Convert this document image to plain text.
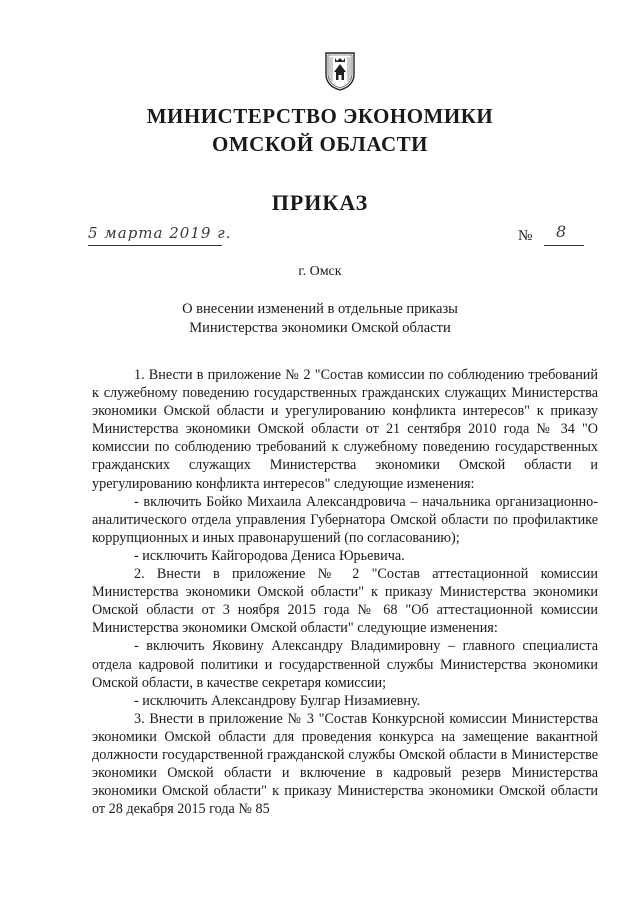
МИНИСТЕРСТВО ЭКОНОМИКИ
ОМСКОЙ ОБЛАСТИ
ПРИКАЗ
5 марта 2019 г.	№ 8
г. Омск
О внесении изменений в отдельные приказы Министерства экономики Омской области

1. Внести в приложение № 2 "Состав комиссии по соблюдению требований к служебному поведению государственных гражданских служащих Министерства экономики Омской области и урегулированию конфликта интересов" к приказу Министерства экономики Омской области от 21 сентября 2010 года № 34 "О комиссии по соблюдению требований к служебному поведению государственных гражданских служащих Министерства экономики Омской области и урегулированию конфликта интересов" следующие изменения:

- включить Бойко Михаила Александровича – начальника организационно-аналитического отдела управления Губернатора Омской области по профилактике коррупционных и иных правонарушений (по согласованию);

- исключить Кайгородова Дениса Юрьевича.

2. Внести в приложение № 2 "Состав аттестационной комиссии Министерства экономики Омской области" к приказу Министерства экономики Омской области от 3 ноября 2015 года № 68 "Об аттестационной комиссии Министерства экономики Омской области" следующие изменения:

- включить Яковину Александру Владимировну – главного специалиста отдела кадровой политики и государственной службы Министерства экономики Омской области, в качестве секретаря комиссии;

- исключить Александрову Булгар Низамиевну.

3. Внести в приложение № 3 "Состав Конкурсной комиссии Министерства экономики Омской области для проведения конкурса на замещение вакантной должности государственной гражданской службы Омской области в Министерстве экономики Омской области и включение в кадровый резерв Министерства экономики Омской области" к приказу Министерства экономики Омской области от 28 декабря 2015 года № 85
